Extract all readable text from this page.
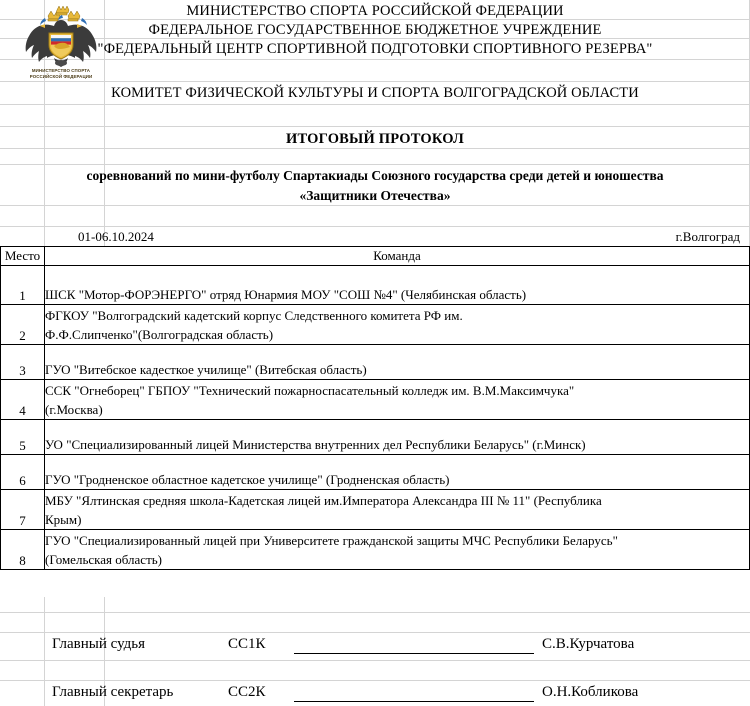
МИНИСТЕРСТВО СПОРТА
РОССИЙСКОЙ ФЕДЕРАЦИИ
МИНИСТЕРСТВО СПОРТА РОССИЙСКОЙ ФЕДЕРАЦИИ
ФЕДЕРАЛЬНОЕ ГОСУДАРСТВЕННОЕ БЮДЖЕТНОЕ УЧРЕЖДЕНИЕ
"ФЕДЕРАЛЬНЫЙ ЦЕНТР СПОРТИВНОЙ ПОДГОТОВКИ СПОРТИВНОГО РЕЗЕРВА"
КОМИТЕТ ФИЗИЧЕСКОЙ КУЛЬТУРЫ И СПОРТА ВОЛГОГРАДСКОЙ ОБЛАСТИ
ИТОГОВЫЙ ПРОТОКОЛ
соревнований по мини-футболу Спартакиады Союзного государства среди детей и юношества
«Защитники Отечества»
01-06.10.2024	г.Волгоград
Место	Команда
1	ШСК "Мотор-ФОРЭНЕРГО" отряд Юнармия МОУ "СОШ №4" (Челябинская область)

2	ФГКОУ "Волгоградский кадетский корпус Следственного комитета РФ им.
Ф.Ф.Слипченко"(Волгоградская область)

3	ГУО "Витебское кадесткое училище" (Витебская область)

4	ССК "Огнеборец" ГБПОУ "Технический пожарноспасательный колледж им. В.М.Максимчука"
(г.Москва)

5	УО "Специализированный лицей Министерства внутренних дел Республики Беларусь" (г.Минск)

6	ГУО "Гродненское областное кадетское училище" (Гродненская область)

7	МБУ "Ялтинская средняя школа-Кадетская лицей им.Императора Александра III № 11" (Республика
Крым)

8	ГУО "Специализированный лицей при Университете гражданской защиты МЧС Республики Беларусь"
(Гомельская область)
Главный судья	СС1К	С.В.Курчатова
Главный секретарь	СС2К	О.Н.Кобликова
